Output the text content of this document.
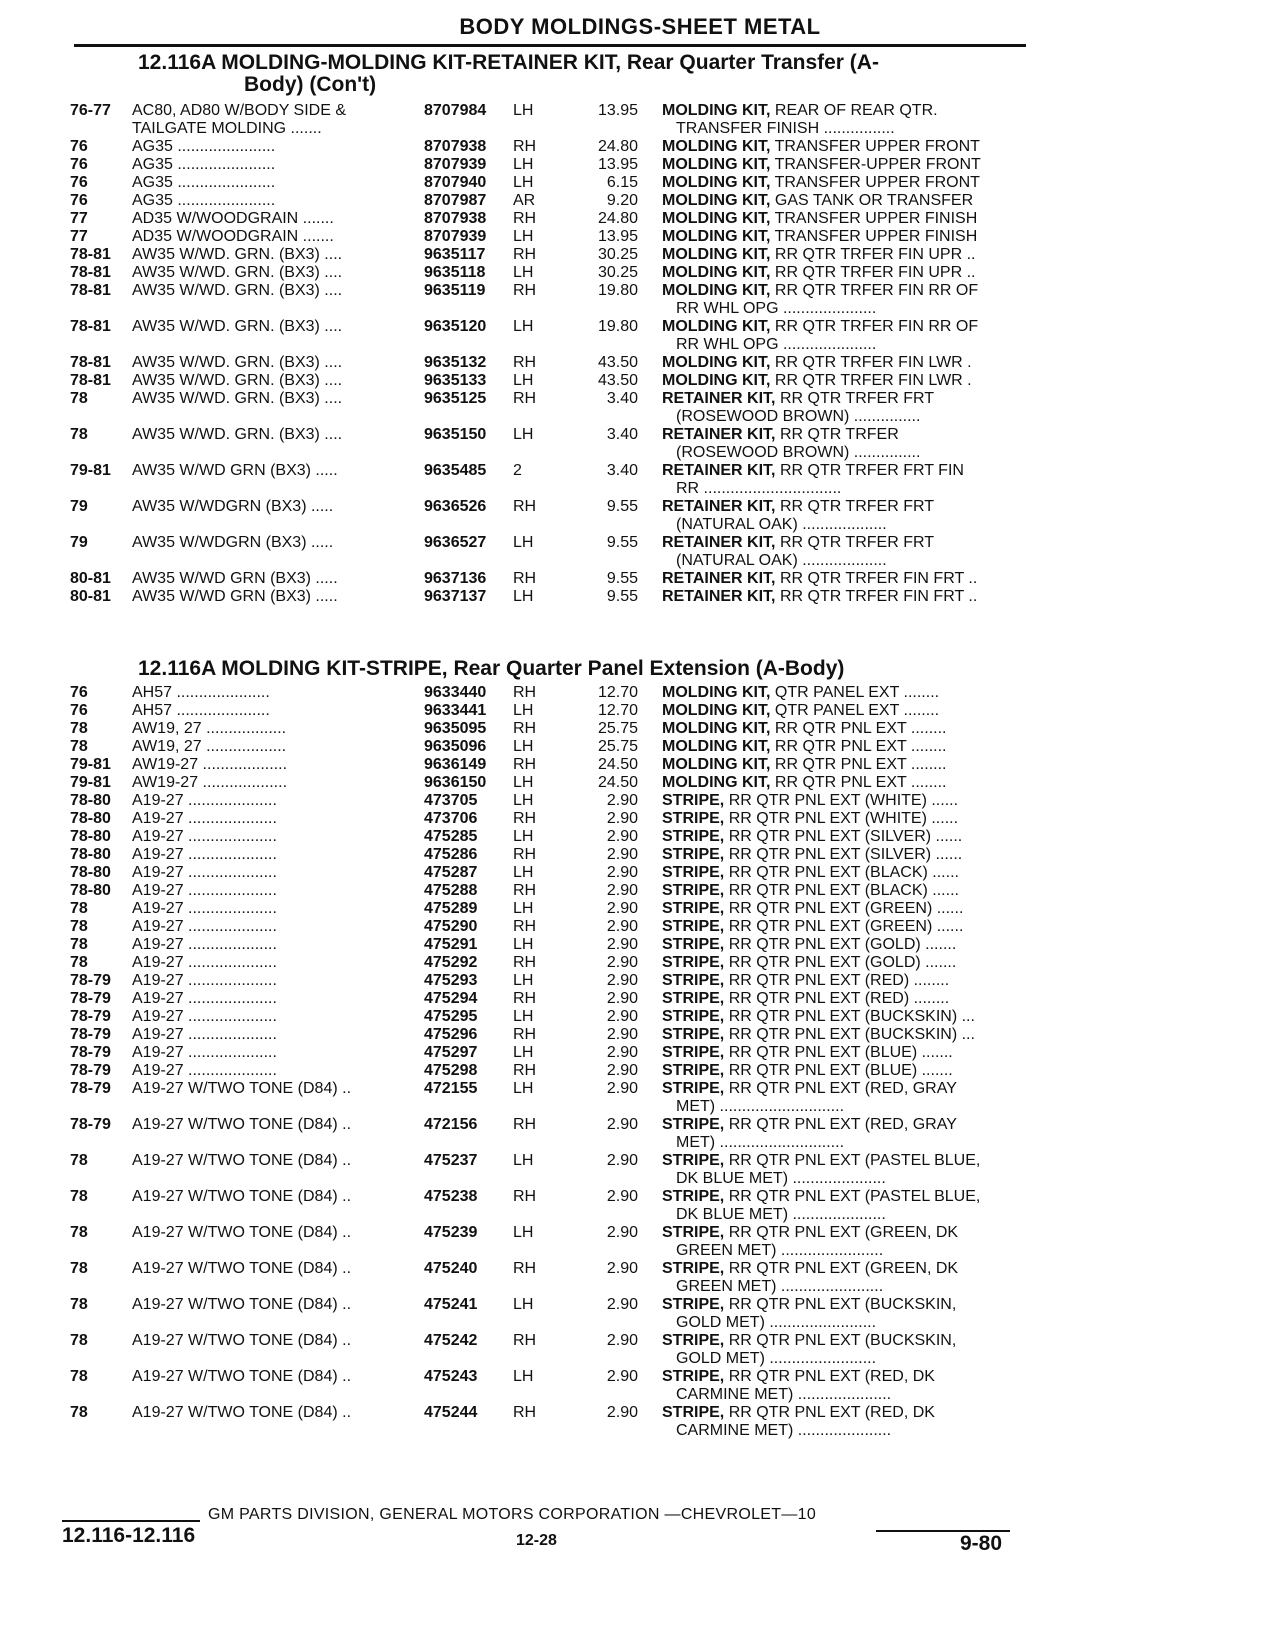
BODY MOLDINGS-SHEET METAL
12.116A MOLDING-MOLDING KIT-RETAINER KIT, Rear Quarter Transfer (A-
Body) (Con't)
76-77 AC80, AD80 W/BODY SIDE &
TAILGATE MOLDING .......
8707984 LH	13.95 MOLDING KIT, REAR OF REAR QTR.
TRANSFER FINISH ................
76	AG35 ......................	8707938 RH	24.80 MOLDING KIT, TRANSFER UPPER FRONT
76	AG35 ......................	8707939 LH	13.95 MOLDING KIT, TRANSFER-UPPER FRONT
76	AG35 ......................	8707940 LH	6.15 MOLDING KIT, TRANSFER UPPER FRONT
76	AG35 ......................	8707987 AR	9.20 MOLDING KIT, GAS TANK OR TRANSFER
77	AD35 W/WOODGRAIN .......	8707938 RH	24.80 MOLDING KIT, TRANSFER UPPER FINISH
77	AD35 W/WOODGRAIN .......	8707939 LH	13.95 MOLDING KIT, TRANSFER UPPER FINISH
78-81 AW35 W/WD. GRN. (BX3) ....	9635117 RH	30.25 MOLDING KIT, RR QTR TRFER FIN UPR ..
78-81 AW35 W/WD. GRN. (BX3) ....	9635118 LH	30.25 MOLDING KIT, RR QTR TRFER FIN UPR ..
78-81 AW35 W/WD. GRN. (BX3) ....	9635119 RH	19.80 MOLDING KIT, RR QTR TRFER FIN RR OF
RR WHL OPG .....................
78-81 AW35 W/WD. GRN. (BX3) ....	9635120 LH	19.80 MOLDING KIT, RR QTR TRFER FIN RR OF
RR WHL OPG .....................
78-81 AW35 W/WD. GRN. (BX3) ....	9635132 RH	43.50 MOLDING KIT, RR QTR TRFER FIN LWR .
78-81 AW35 W/WD. GRN. (BX3) ....	9635133 LH	43.50 MOLDING KIT, RR QTR TRFER FIN LWR .
78	AW35 W/WD. GRN. (BX3) ....	9635125 RH	3.40 RETAINER KIT, RR QTR TRFER FRT
(ROSEWOOD BROWN) ...............
78	AW35 W/WD. GRN. (BX3) ....	9635150 LH	3.40 RETAINER KIT, RR QTR TRFER
(ROSEWOOD BROWN) ...............
79-81 AW35 W/WD GRN (BX3) .....	9635485 2	3.40 RETAINER KIT, RR QTR TRFER FRT FIN
RR ...............................
79	AW35 W/WDGRN (BX3) .....	9636526 RH	9.55 RETAINER KIT, RR QTR TRFER FRT
(NATURAL OAK) ...................
79	AW35 W/WDGRN (BX3) .....	9636527 LH	9.55 RETAINER KIT, RR QTR TRFER FRT
(NATURAL OAK) ...................
80-81 AW35 W/WD GRN (BX3) .....	9637136 RH	9.55 RETAINER KIT, RR QTR TRFER FIN FRT ..
80-81 AW35 W/WD GRN (BX3) .....	9637137 LH	9.55 RETAINER KIT, RR QTR TRFER FIN FRT ..
12.116A MOLDING KIT-STRIPE, Rear Quarter Panel Extension (A-Body)
76	AH57 .....................	9633440 RH	12.70 MOLDING KIT, QTR PANEL EXT ........
76	AH57 .....................	9633441 LH	12.70 MOLDING KIT, QTR PANEL EXT ........
78	AW19, 27 ..................	9635095 RH	25.75 MOLDING KIT, RR QTR PNL EXT ........
78	AW19, 27 ..................	9635096 LH	25.75 MOLDING KIT, RR QTR PNL EXT ........
79-81 AW19-27 ...................	9636149 RH	24.50 MOLDING KIT, RR QTR PNL EXT ........
79-81 AW19-27 ...................	9636150 LH	24.50 MOLDING KIT, RR QTR PNL EXT ........
78-80 A19-27 ....................	473705 LH	2.90 STRIPE, RR QTR PNL EXT (WHITE) ......
78-80 A19-27 ....................	473706 RH	2.90 STRIPE, RR QTR PNL EXT (WHITE) ......
78-80 A19-27 ....................	475285 LH	2.90 STRIPE, RR QTR PNL EXT (SILVER) ......
78-80 A19-27 ....................	475286 RH	2.90 STRIPE, RR QTR PNL EXT (SILVER) ......
78-80 A19-27 ....................	475287 LH	2.90 STRIPE, RR QTR PNL EXT (BLACK) ......
78-80 A19-27 ....................	475288 RH	2.90 STRIPE, RR QTR PNL EXT (BLACK) ......
78	A19-27 ....................	475289 LH	2.90 STRIPE, RR QTR PNL EXT (GREEN) ......
78	A19-27 ....................	475290 RH	2.90 STRIPE, RR QTR PNL EXT (GREEN) ......
78	A19-27 ....................	475291 LH	2.90 STRIPE, RR QTR PNL EXT (GOLD) .......
78	A19-27 ....................	475292 RH	2.90 STRIPE, RR QTR PNL EXT (GOLD) .......
78-79 A19-27 ....................	475293 LH	2.90 STRIPE, RR QTR PNL EXT (RED) ........
78-79 A19-27 ....................	475294 RH	2.90 STRIPE, RR QTR PNL EXT (RED) ........
78-79 A19-27 ....................	475295 LH	2.90 STRIPE, RR QTR PNL EXT (BUCKSKIN) ...
78-79 A19-27 ....................	475296 RH	2.90 STRIPE, RR QTR PNL EXT (BUCKSKIN) ...
78-79 A19-27 ....................	475297 LH	2.90 STRIPE, RR QTR PNL EXT (BLUE) .......
78-79 A19-27 ....................	475298 RH	2.90 STRIPE, RR QTR PNL EXT (BLUE) .......
78-79 A19-27 W/TWO TONE (D84) ..	472155 LH	2.90 STRIPE, RR QTR PNL EXT (RED, GRAY
MET) ............................
78-79 A19-27 W/TWO TONE (D84) ..	472156 RH	2.90 STRIPE, RR QTR PNL EXT (RED, GRAY
MET) ............................
78	A19-27 W/TWO TONE (D84) ..	475237 LH	2.90 STRIPE, RR QTR PNL EXT (PASTEL BLUE,
DK BLUE MET) .....................
78	A19-27 W/TWO TONE (D84) ..	475238 RH	2.90 STRIPE, RR QTR PNL EXT (PASTEL BLUE,
DK BLUE MET) .....................
78	A19-27 W/TWO TONE (D84) ..	475239 LH	2.90 STRIPE, RR QTR PNL EXT (GREEN, DK
GREEN MET) .......................
78	A19-27 W/TWO TONE (D84) ..	475240 RH	2.90 STRIPE, RR QTR PNL EXT (GREEN, DK
GREEN MET) .......................
78	A19-27 W/TWO TONE (D84) ..	475241 LH	2.90 STRIPE, RR QTR PNL EXT (BUCKSKIN,
GOLD MET) ........................
78	A19-27 W/TWO TONE (D84) ..	475242 RH	2.90 STRIPE, RR QTR PNL EXT (BUCKSKIN,
GOLD MET) ........................
78	A19-27 W/TWO TONE (D84) ..	475243 LH	2.90 STRIPE, RR QTR PNL EXT (RED, DK
CARMINE MET) .....................
78	A19-27 W/TWO TONE (D84) ..	475244 RH	2.90 STRIPE, RR QTR PNL EXT (RED, DK
CARMINE MET) .....................
GM PARTS DIVISION, GENERAL MOTORS CORPORATION —CHEVROLET—10
12.116-12.116	12-28	9-80
